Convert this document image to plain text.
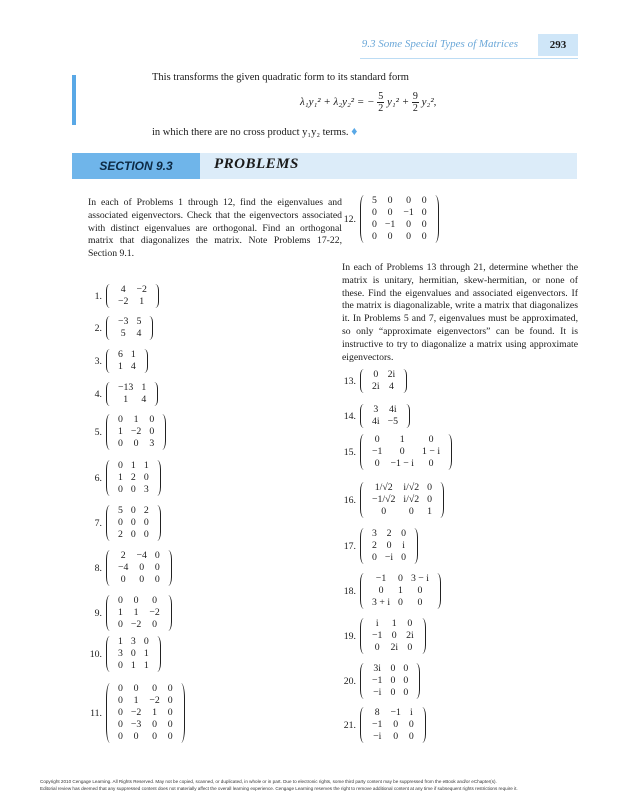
9.3 Some Special Types of Matrices	293
This transforms the given quadratic form to its standard form
λ₁y₁² + λ₂y₂² = − $\frac{5}{2} y_1^2 + \frac{9}{2} y_2^2$,
in which there are no cross product y₁y₂ terms. ♦
SECTION 9.3	PROBLEMS
In each of Problems 1 through 12, find the eigenvalues and associated eigenvectors. Check that the eigenvectors associated with distinct eigenvalues are orthogonal. Find an orthogonal matrix that diagonalizes the matrix. Note Problems 17-22, Section 9.1.
In each of Problems 13 through 21, determine whether the matrix is unitary, hermitian, skew-hermitian, or none of these. Find the eigenvalues and associated eigenvectors. If the matrix is diagonalizable, write a matrix that diagonalizes it. In Problems 5 and 7, eigenvalues must be approximated, so only “approximate eigenvectors” can be found. It is instructive to try to diagonalize a matrix using approximate eigenvectors.
Copyright 2010 Cengage Learning. All Rights Reserved. May not be copied, scanned, or duplicated, in whole or in part. Due to electronic rights, some third party content may be suppressed from the eBook and/or eChapter(s).
Editorial review has deemed that any suppressed content does not materially affect the overall learning experience. Cengage Learning reserves the right to remove additional content at any time if subsequent rights restrictions require it.
1.
4	−2
−2	1
2.
−3	5
5	4
3.
6	1
1	4
4.
−13	1
1	4
5.
0	1	0
1	−2	0
0	0	3
6.
0	1	1
1	2	0
0	0	3
7.
5	0	2
0	0	0
2	0	0
8.
2	−4	0
−4	0	0
0	0	0
9.
0	0	0
1	1	−2
0	−2	0
10.
1	3	0
3	0	1
0	1	1
11.
0	0	0	0
0	1	−2	0
0	−2	1	0
0	−3	0	0
0	0	0	0
12.
5	0	0	0
0	0	−1	0
0	−1	0	0
0	0	0	0
13.
0	2i
2i	4
14.
3	4i
4i	−5
15.
0	1	0
−1	0	1 − i
0	−1 − i	0
16.
1/√2	i/√2	0
−1/√2	i/√2	0
0	0	1
17.
3	2	0
2	0	i
0	−i	0
18.
−1	0	3 − i
0	1	0
3 + i	0	0
19.
i	1	0
−1	0	2i
0	2i	0
20.
3i	0	0
−1	0	0
−i	0	0
21.
8	−1	i
−1	0	0
−i	0	0
